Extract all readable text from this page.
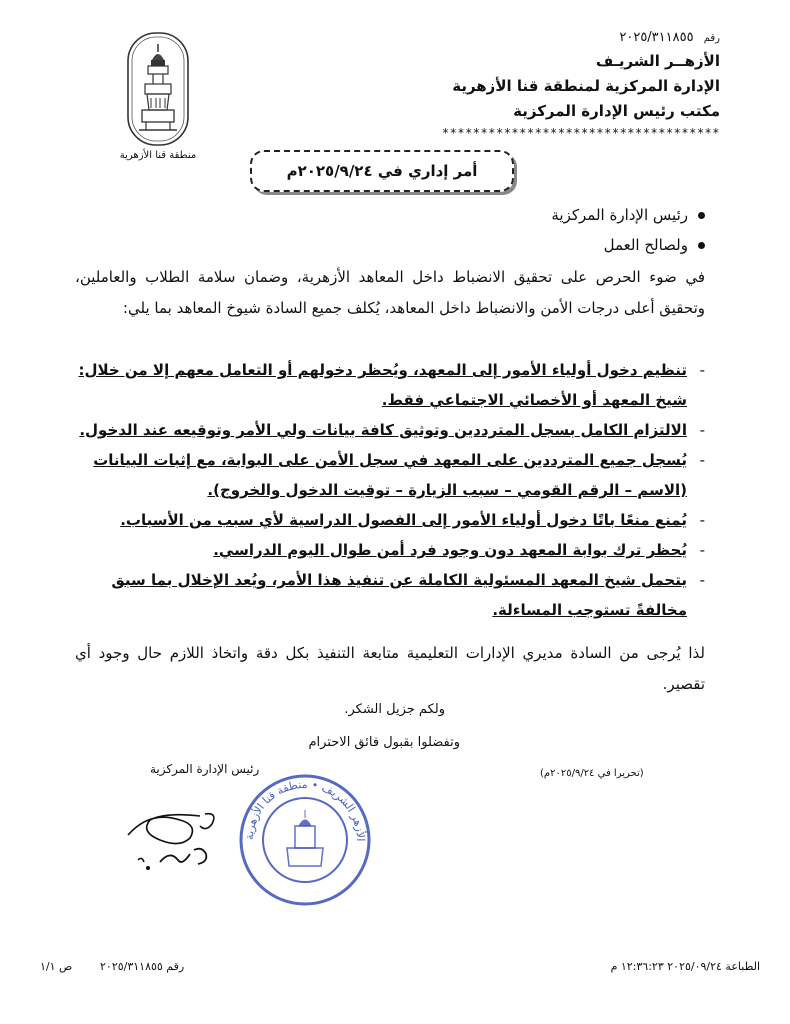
رقم ٢٠٢٥/٣١١٨٥٥
الأزهــر الشريـف
الإدارة المركزية لمنطقة قنا الأزهرية
مكتب رئيس الإدارة المركزية
************************************
منطقة قنا الأزهرية
أمر إداري في ٢٠٢٥/٩/٢٤م
رئيس الإدارة المركزية
ولصالح العمل
في ضوء الحرص على تحقيق الانضباط داخل المعاهد الأزهرية، وضمان سلامة الطلاب والعاملين، وتحقيق أعلى درجات الأمن والانضباط داخل المعاهد، يُكلف جميع السادة شيوخ المعاهد بما يلي:
-
تنظيم دخول أولياء الأمور إلى المعهد، ويُحظر دخولهم أو التعامل معهم إلا من خلال: شيخ المعهد أو الأخصائي الاجتماعي فقط.
-
الالتزام الكامل بسجل المترددين وتوثيق كافة بيانات ولي الأمر وتوقيعه عند الدخول.
-
يُسجل جميع المترددين على المعهد في سجل الأمن على البوابة، مع إثبات البيانات (الاسم – الرقم القومي – سبب الزيارة – توقيت الدخول والخروج).
-
يُمنع منعًا باتًا دخول أولياء الأمور إلى الفصول الدراسية لأي سبب من الأسباب.
-
يُحظر ترك بوابة المعهد دون وجود فرد أمن طوال اليوم الدراسي.
-
يتحمل شيخ المعهد المسئولية الكاملة عن تنفيذ هذا الأمر، ويُعد الإخلال بما سبق مخالفةً تستوجب المساءلة.
لذا يُرجى من السادة مديري الإدارات التعليمية متابعة التنفيذ بكل دقة واتخاذ اللازم حال وجود أي تقصير.
ولكم جزيل الشكر.
وتفضلوا بقبول فائق الاحترام
رئيس الإدارة المركزية	(تحريرا في ٢٠٢٥/٩/٢٤م)
الأزهر الشريف • منطقة قنا الأزهرية
ص ١/١	رقم ٢٠٢٥/٣١١٨٥٥	الطباعة ٢٠٢٥/٠٩/٢٤ ١٢:٣٦:٢٣ م
